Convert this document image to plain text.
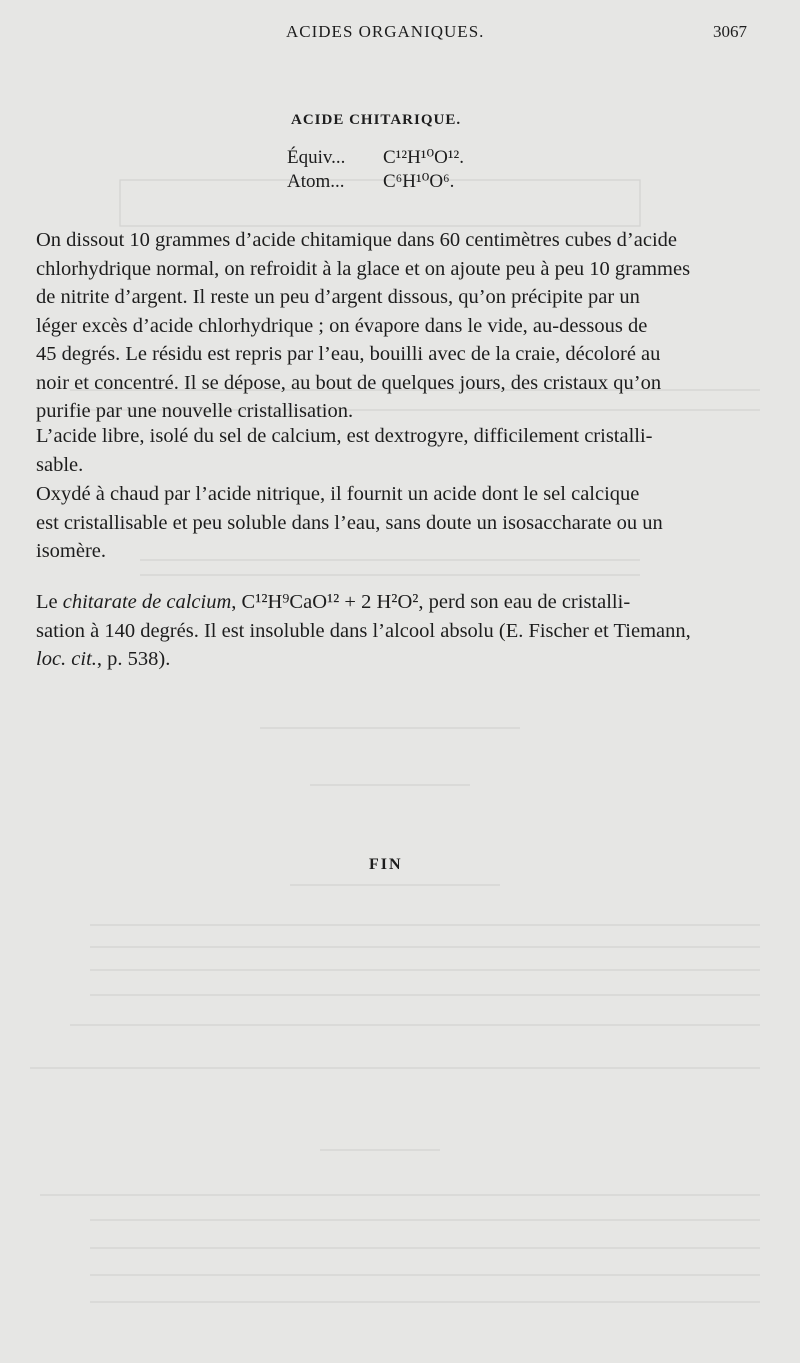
ACIDES ORGANIQUES.	3067
ACIDE CHITARIQUE.
Équiv... C¹²H¹⁰O¹².
Atom... C⁶H¹⁰O⁶.
On dissout 10 grammes d’acide chitamique dans 60 centimètres cubes d’acide
chlorhydrique normal, on refroidit à la glace et on ajoute peu à peu 10 grammes
de nitrite d’argent. Il reste un peu d’argent dissous, qu’on précipite par un
léger excès d’acide chlorhydrique ; on évapore dans le vide, au-dessous de
45 degrés. Le résidu est repris par l’eau, bouilli avec de la craie, décoloré au
noir et concentré. Il se dépose, au bout de quelques jours, des cristaux qu’on
purifie par une nouvelle cristallisation.
L’acide libre, isolé du sel de calcium, est dextrogyre, difficilement cristalli-
sable.
Oxydé à chaud par l’acide nitrique, il fournit un acide dont le sel calcique
est cristallisable et peu soluble dans l’eau, sans doute un isosaccharate ou un
isomère.
Le chitarate de calcium, C¹²H⁹CaO¹² + 2 H²O², perd son eau de cristalli-
sation à 140 degrés. Il est insoluble dans l’alcool absolu (E. Fischer et Tiemann,
loc. cit., p. 538).
FIN
